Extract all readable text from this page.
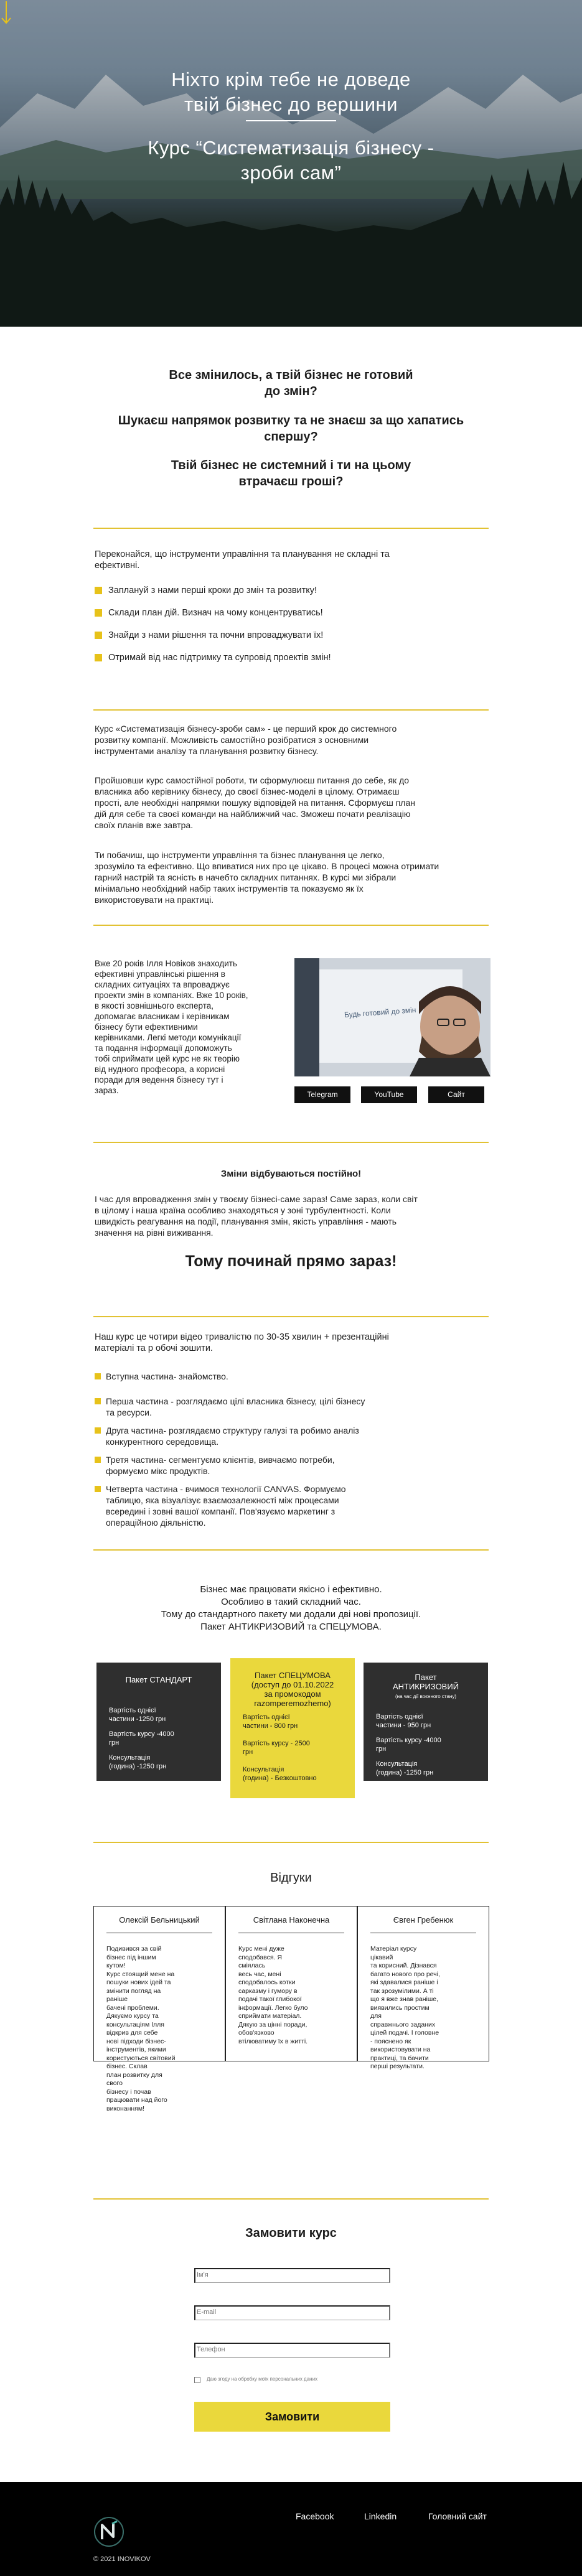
Ніхто крім тебе не доведе
твій бізнес до вершини
Курс “Систематизація бізнесу -
зроби сам”
Все змінилось, а твій бізнес не готовий
до змін?
Шукаєш напрямок розвитку та не знаєш за що хапатись
спершу?
Твій бізнес не системний і ти на цьому
втрачаєш гроші?
Переконайся, що інструменти управління та планування не складні та
ефективні.
Заплануй з нами перші кроки до змін та розвитку!
Склади план дій. Визнач на чому концентруватись!
Знайди з нами рішення та почни впроваджувати їх!
Отримай від нас підтримку та супровід проектів змін!
Курс «Систематизація бізнесу-зроби сам» - це перший крок до системного
розвитку компанії. Можливість самостійно розібратися з основними
інструментами аналізу та планування розвитку бізнесу.
Пройшовши курс самостійної роботи, ти сформулюєш питання до себе, як до
власника або керівнику бізнесу, до своєї бізнес-моделі в цілому. Отримаєш
прості, але необхідні напрямки пошуку відповідей на питання. Сформуєш план
дій для себе та своєї команди на найближчий час. Зможеш почати реалізацію
своїх планів вже завтра.
Ти побачиш, що інструменти управління та бізнес планування це легко,
зрозуміло та ефективно. Що впиватися них про це цікаво. В процесі можна отримати
гарний настрій та ясність в начебто складних питаннях. В курсі ми зібрали
мінімально необхідний набір таких інструментів та показуємо як їх
використовувати на практиці.
Вже 20 років Ілля Новіков знаходить
ефективні управлінські рішення в
складних ситуаціях та впроваджує
проекти змін в компаніях. Вже 10 років,
в якості зовнішнього експерта,
допомагає власникам і керівникам
бізнесу бути ефективними
керівниками. Легкі методи комунікації
та подання інформації допоможуть
тобі сприймати цей курс не як теорію
від нудного професора, а корисні
поради для ведення бізнесу тут і
зараз.
Будь готовий до змін
Telegram	YouTube	Сайт
Зміни відбуваються постійно!
І час для впровадження змін у твоєму бізнесі-саме зараз! Саме зараз, коли світ
в цілому і наша країна особливо знаходяться у зоні турбулентності. Коли
швидкість реагування на події, планування змін, якість управління - мають
значення на рівні виживання.
Тому починай прямо зараз!
Наш курс це чотири відео тривалістю по 30-35 хвилин + презентаційні
матеріалі та р обочі зошити.
Вступна частина- знайомство.
Перша частина - розглядаємо цілі власника бізнесу, цілі бізнесу
та ресурси.
Друга частина- розглядаємо структуру галузі та робимо аналіз
конкурентного середовища.
Третя частина- сегментуємо клієнтів, вивчаємо потреби,
формуємо мікс продуктів.
Четверта частина - вчимося технології CANVAS. Формуємо
таблицю, яка візуалізує взаємозалежності між процесами
всередині і зовні вашої компанії. Пов'язуємо маркетинг з
операційною діяльністю.
Бізнес має працювати якісно і ефективно.
Особливо в такий складний час.
Тому до стандартного пакету ми додали дві нові пропозиції.
Пакет АНТИКРИЗОВИЙ та СПЕЦУМОВА.
Пакет СТАНДАРТ
Вартість однієї
частини -1250 грн
Вартість курсу -4000
грн
Консультація
(година) -1250 грн
Пакет СПЕЦУМОВА
(доступ до 01.10.2022
за промокодом
razomperemozhemo)
Вартість однієї
частини - 800 грн
Вартість курсу - 2500
грн
Консультація
(година) - Безкоштовно
Пакет
АНТИКРИЗОВИЙ
(на час дії воєнного стану)
Вартість однієї
частини - 950 грн
Вартість курсу -4000
грн
Консультація
(година) -1250 грн
Відгуки
Олексій Бельницький
Подивився за свій
бізнес під іншим кутом!
Курс стоящий мене на
пошуки нових ідей та
змінити погляд на раніше
бачені проблеми.
Дякуємо курсу та
консультаціям Ілля
відкрив для себе
нові підходи бізнес-
інструментів, якими
користуються світовий
бізнес. Склав
план розвитку для свого
бізнесу і почав
працювати над його
виконанням!
Світлана Наконечна
Курс мені дуже
сподобався. Я сміялась
весь час, мені
сподобалось котки
сарказму і гумору в
подачі такої глибокої
інформації. Легко було
сприймати матеріал.
Дякую за цінні поради,
обов'язково
втілюватиму їх в житті.
Євген Гребенюк
Матеріал курсу цікавий
та корисний. Дізнався
багато нового про речі,
які здавалися раніше і
так зрозумілими. А ті
що я вже знав раніше,
виявились простим для
справжнього заданих
цілей подачі. І головне
- пояснено як
використовувати на
практиці, та бачити
перші результати.
Замовити курс
Ім'я
E-mail
Телефон
Даю згоду на обробку моїх персональних даних
Замовити
Facebook	Linkedin	Головний сайт
© 2021 INOVIKOV
